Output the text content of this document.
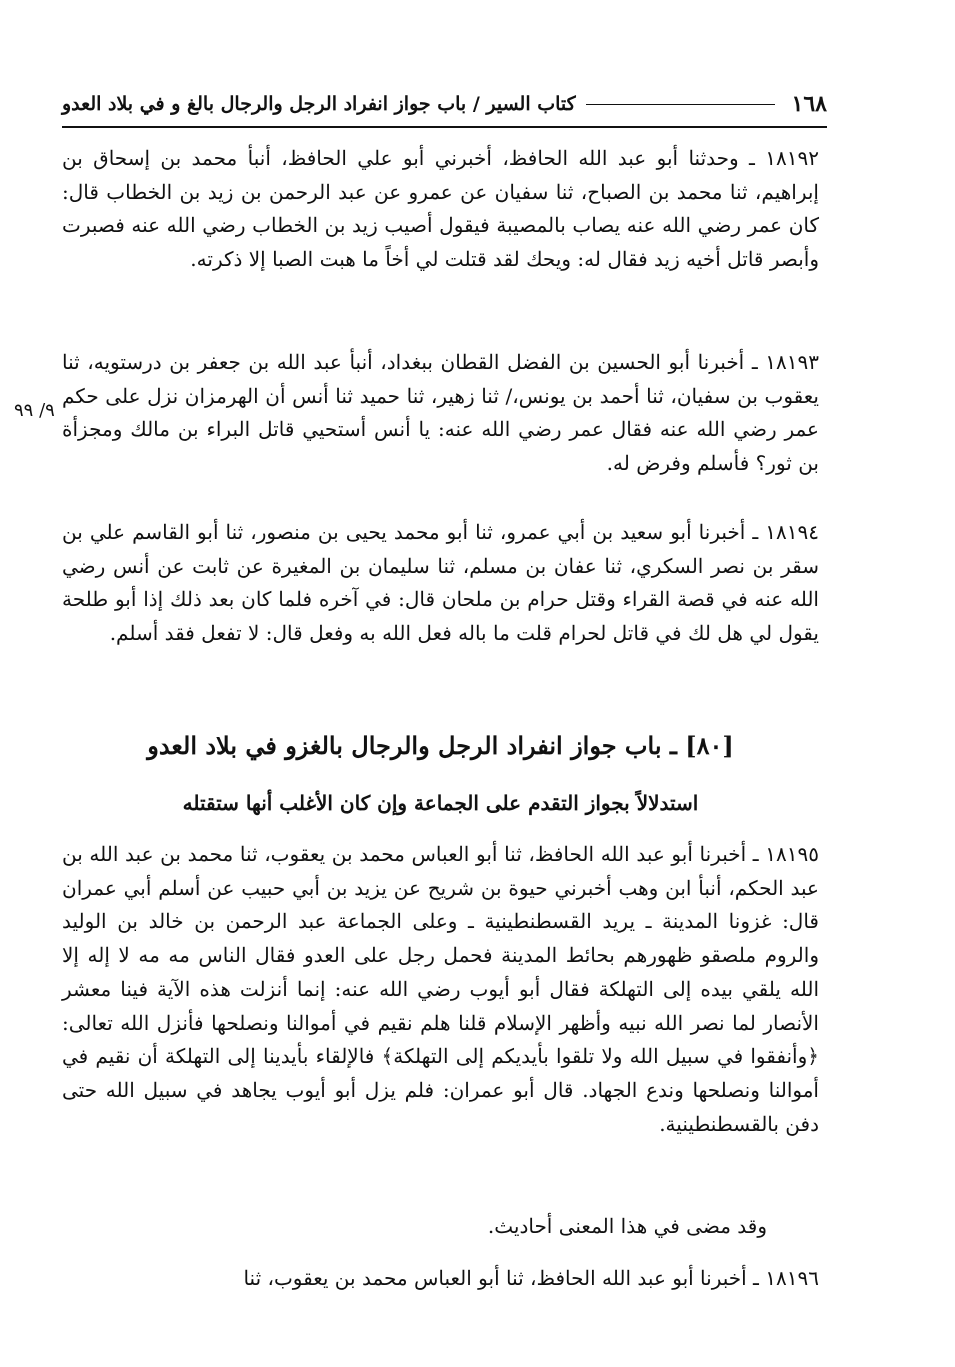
١٦٨
كتاب السير / باب جواز انفراد الرجل والرجال بالغ و في بلاد العدو
٩/ ٩٩

١٨١٩٢ ـ وحدثنا أبو عبد الله الحافظ، أخبرني أبو علي الحافظ، أنبأ محمد بن إسحاق بن إبراهيم، ثنا محمد بن الصباح، ثنا سفيان عن عمرو عن عبد الرحمن بن زيد بن الخطاب قال: كان عمر رضي الله عنه يصاب بالمصيبة فيقول أصيب زيد بن الخطاب رضي الله عنه فصبرت وأبصر قاتل أخيه زيد فقال له: ويحك لقد قتلت لي أخاً ما هبت الصبا إلا ذكرته.

١٨١٩٣ ـ أخبرنا أبو الحسين بن الفضل القطان ببغداد، أنبأ عبد الله بن جعفر بن درستويه، ثنا يعقوب بن سفيان، ثنا أحمد بن يونس،/ ثنا زهير، ثنا حميد ثنا أنس أن الهرمزان نزل على حكم عمر رضي الله عنه فقال عمر رضي الله عنه: يا أنس أستحيي قاتل البراء بن مالك ومجزأة بن ثور؟ فأسلم وفرض له.

١٨١٩٤ ـ أخبرنا أبو سعيد بن أبي عمرو، ثنا أبو محمد يحيى بن منصور، ثنا أبو القاسم علي بن سقر بن نصر السكري، ثنا عفان بن مسلم، ثنا سليمان بن المغيرة عن ثابت عن أنس رضي الله عنه في قصة القراء وقتل حرام بن ملحان قال: في آخره فلما كان بعد ذلك إذا أبو طلحة يقول لي هل لك في قاتل لحرام قلت ما باله فعل الله به وفعل قال: لا تفعل فقد أسلم.

[٨٠] ـ باب جواز انفراد الرجل والرجال بالغزو في بلاد العدو
استدلالاً بجواز التقدم على الجماعة وإن كان الأغلب أنها ستقتله

١٨١٩٥ ـ أخبرنا أبو عبد الله الحافظ، ثنا أبو العباس محمد بن يعقوب، ثنا محمد بن عبد الله بن عبد الحكم، أنبأ ابن وهب أخبرني حيوة بن شريح عن يزيد بن أبي حبيب عن أسلم أبي عمران قال: غزونا المدينة ـ يريد القسطنطينية ـ وعلى الجماعة عبد الرحمن بن خالد بن الوليد والروم ملصقو ظهورهم بحائط المدينة فحمل رجل على العدو فقال الناس مه مه لا إله إلا الله يلقي بيده إلى التهلكة فقال أبو أيوب رضي الله عنه: إنما أنزلت هذه الآية فينا معشر الأنصار لما نصر الله نبيه وأظهر الإسلام قلنا هلم نقيم في أموالنا ونصلحها فأنزل الله تعالى: ﴿وأنفقوا في سبيل الله ولا تلقوا بأيديكم إلى التهلكة﴾ فالإلقاء بأيدينا إلى التهلكة أن نقيم في أموالنا ونصلحها وندع الجهاد. قال أبو عمران: فلم يزل أبو أيوب يجاهد في سبيل الله حتى دفن بالقسطنطينية.

وقد مضى في هذا المعنى أحاديث.

١٨١٩٦ ـ أخبرنا أبو عبد الله الحافظ، ثنا أبو العباس محمد بن يعقوب، ثنا
